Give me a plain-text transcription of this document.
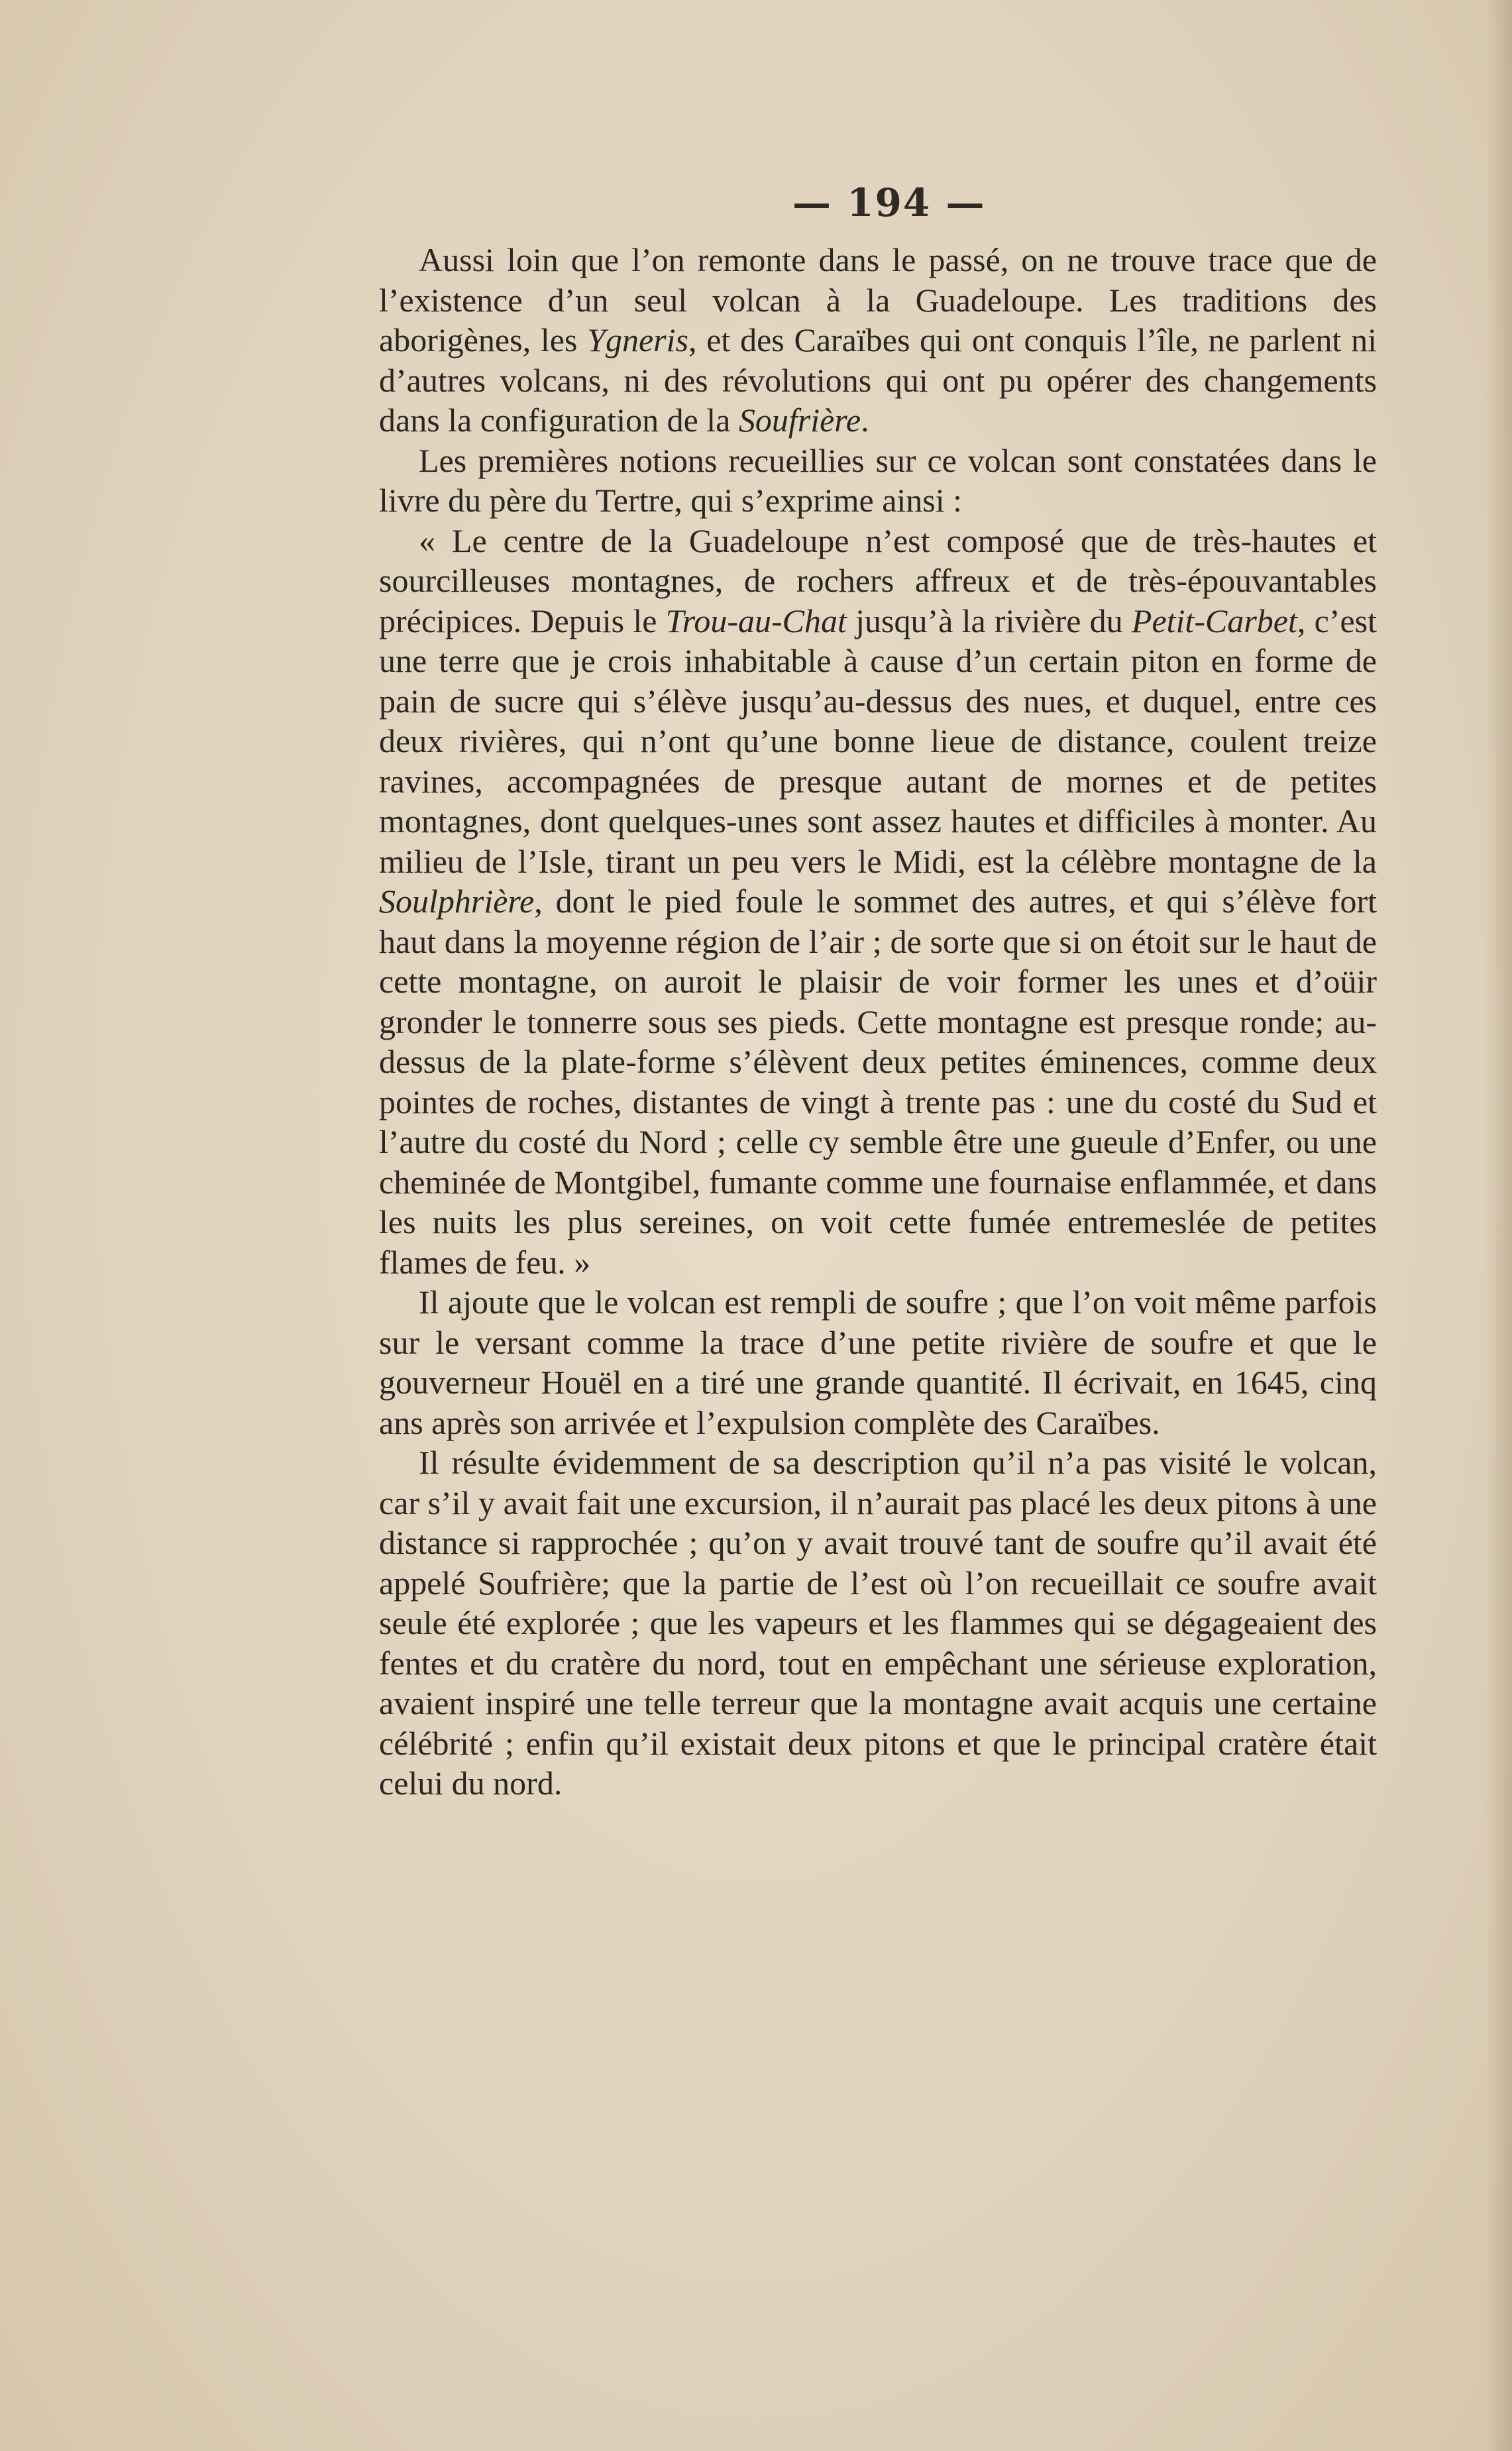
— 194 —

Aussi loin que l’on remonte dans le passé, on ne trouve trace que de l’existence d’un seul volcan à la Guadeloupe. Les traditions des aborigènes, les Ygneris, et des Caraïbes qui ont conquis l’île, ne parlent ni d’autres volcans, ni des révolutions qui ont pu opérer des changements dans la configuration de la Soufrière.

Les premières notions recueillies sur ce volcan sont constatées dans le livre du père du Tertre, qui s’exprime ainsi :

« Le centre de la Guadeloupe n’est composé que de très-hautes et sourcilleuses montagnes, de rochers affreux et de très-épouvantables précipices. Depuis le Trou-au-Chat jusqu’à la rivière du Petit-Carbet, c’est une terre que je crois inhabitable à cause d’un certain piton en forme de pain de sucre qui s’élève jusqu’au-dessus des nues, et duquel, entre ces deux rivières, qui n’ont qu’une bonne lieue de distance, coulent treize ravines, accompagnées de presque autant de mornes et de petites montagnes, dont quelques-unes sont assez hautes et difficiles à monter. Au milieu de l’Isle, tirant un peu vers le Midi, est la célèbre montagne de la Soulphrière, dont le pied foule le sommet des autres, et qui s’élève fort haut dans la moyenne région de l’air ; de sorte que si on étoit sur le haut de cette montagne, on auroit le plaisir de voir former les unes et d’oüir gronder le tonnerre sous ses pieds. Cette montagne est presque ronde; au-dessus de la plate-forme s’élèvent deux petites éminences, comme deux pointes de roches, distantes de vingt à trente pas : une du costé du Sud et l’autre du costé du Nord ; celle cy semble être une gueule d’Enfer, ou une cheminée de Montgibel, fumante comme une fournaise enflammée, et dans les nuits les plus sereines, on voit cette fumée entremeslée de petites flames de feu. »

Il ajoute que le volcan est rempli de soufre ; que l’on voit même parfois sur le versant comme la trace d’une petite rivière de soufre et que le gouverneur Houël en a tiré une grande quantité. Il écrivait, en 1645, cinq ans après son arrivée et l’expulsion complète des Caraïbes.

Il résulte évidemment de sa description qu’il n’a pas visité le volcan, car s’il y avait fait une excursion, il n’aurait pas placé les deux pitons à une distance si rapprochée ; qu’on y avait trouvé tant de soufre qu’il avait été appelé Soufrière; que la partie de l’est où l’on recueillait ce soufre avait seule été explorée ; que les vapeurs et les flammes qui se dégageaient des fentes et du cratère du nord, tout en empêchant une sérieuse exploration, avaient inspiré une telle terreur que la montagne avait acquis une certaine célébrité ; enfin qu’il existait deux pitons et que le principal cratère était celui du nord.
